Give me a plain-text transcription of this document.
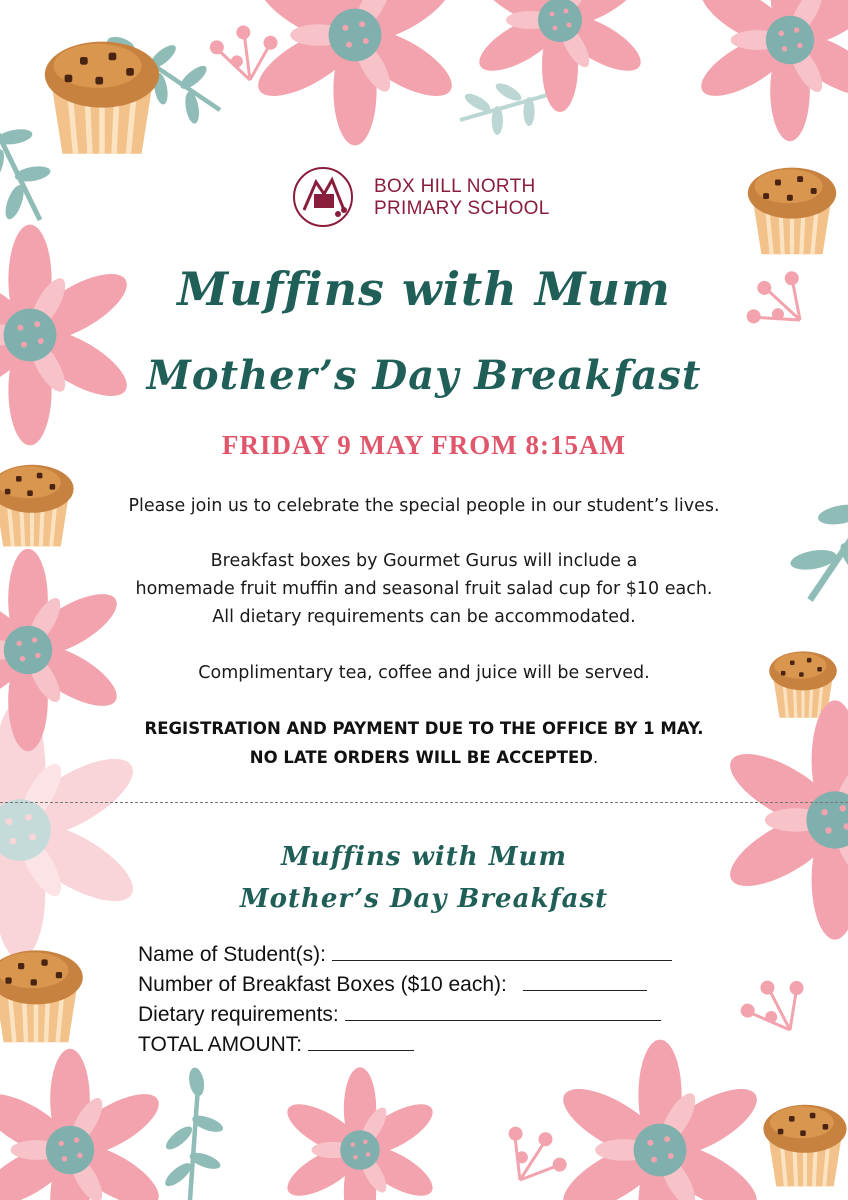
BOX HILL NORTH
PRIMARY SCHOOL
Muffins with Mum
Mother’s Day Breakfast
FRIDAY 9 MAY FROM 8:15AM
Please join us to celebrate the special people in our student’s lives.
Breakfast boxes by Gourmet Gurus will include a
homemade fruit muffin and seasonal fruit salad cup for $10 each.
All dietary requirements can be accommodated.
Complimentary tea, coffee and juice will be served.
REGISTRATION AND PAYMENT DUE TO THE OFFICE BY 1 MAY.
NO LATE ORDERS WILL BE ACCEPTED.
Muffins with Mum
Mother’s Day Breakfast
Name of Student(s):
Number of Breakfast Boxes ($10 each):
Dietary requirements:
TOTAL AMOUNT:
